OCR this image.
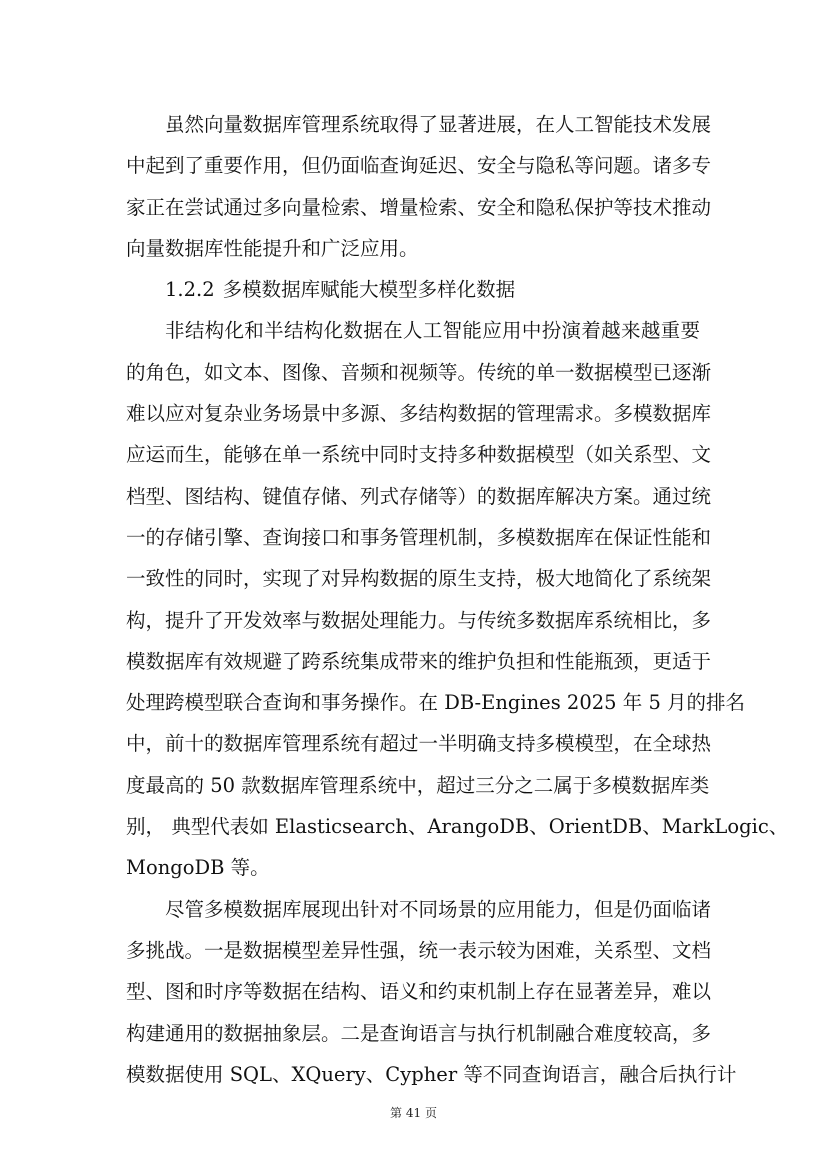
虽然向量数据库管理系统取得了显著进展，在人工智能技术发展
中起到了重要作用，但仍面临查询延迟、安全与隐私等问题。诸多专
家正在尝试通过多向量检索、增量检索、安全和隐私保护等技术推动
向量数据库性能提升和广泛应用。
1.2.2 多模数据库赋能大模型多样化数据
非结构化和半结构化数据在人工智能应用中扮演着越来越重要
的角色，如文本、图像、音频和视频等。传统的单一数据模型已逐渐
难以应对复杂业务场景中多源、多结构数据的管理需求。多模数据库
应运而生，能够在单一系统中同时支持多种数据模型（如关系型、文
档型、图结构、键值存储、列式存储等）的数据库解决方案。通过统
一的存储引擎、查询接口和事务管理机制，多模数据库在保证性能和
一致性的同时，实现了对异构数据的原生支持，极大地简化了系统架
构，提升了开发效率与数据处理能力。与传统多数据库系统相比，多
模数据库有效规避了跨系统集成带来的维护负担和性能瓶颈，更适于
处理跨模型联合查询和事务操作。在 DB-Engines 2025 年 5 月的排名
中，前十的数据库管理系统有超过一半明确支持多模模型，在全球热
度最高的 50 款数据库管理系统中，超过三分之二属于多模数据库类
别， 典型代表如 Elasticsearch、ArangoDB、OrientDB、MarkLogic、
MongoDB 等。
尽管多模数据库展现出针对不同场景的应用能力，但是仍面临诸
多挑战。一是数据模型差异性强，统一表示较为困难，关系型、文档
型、图和时序等数据在结构、语义和约束机制上存在显著差异，难以
构建通用的数据抽象层。二是查询语言与执行机制融合难度较高，多
模数据使用 SQL、XQuery、Cypher 等不同查询语言，融合后执行计
第 41 页
